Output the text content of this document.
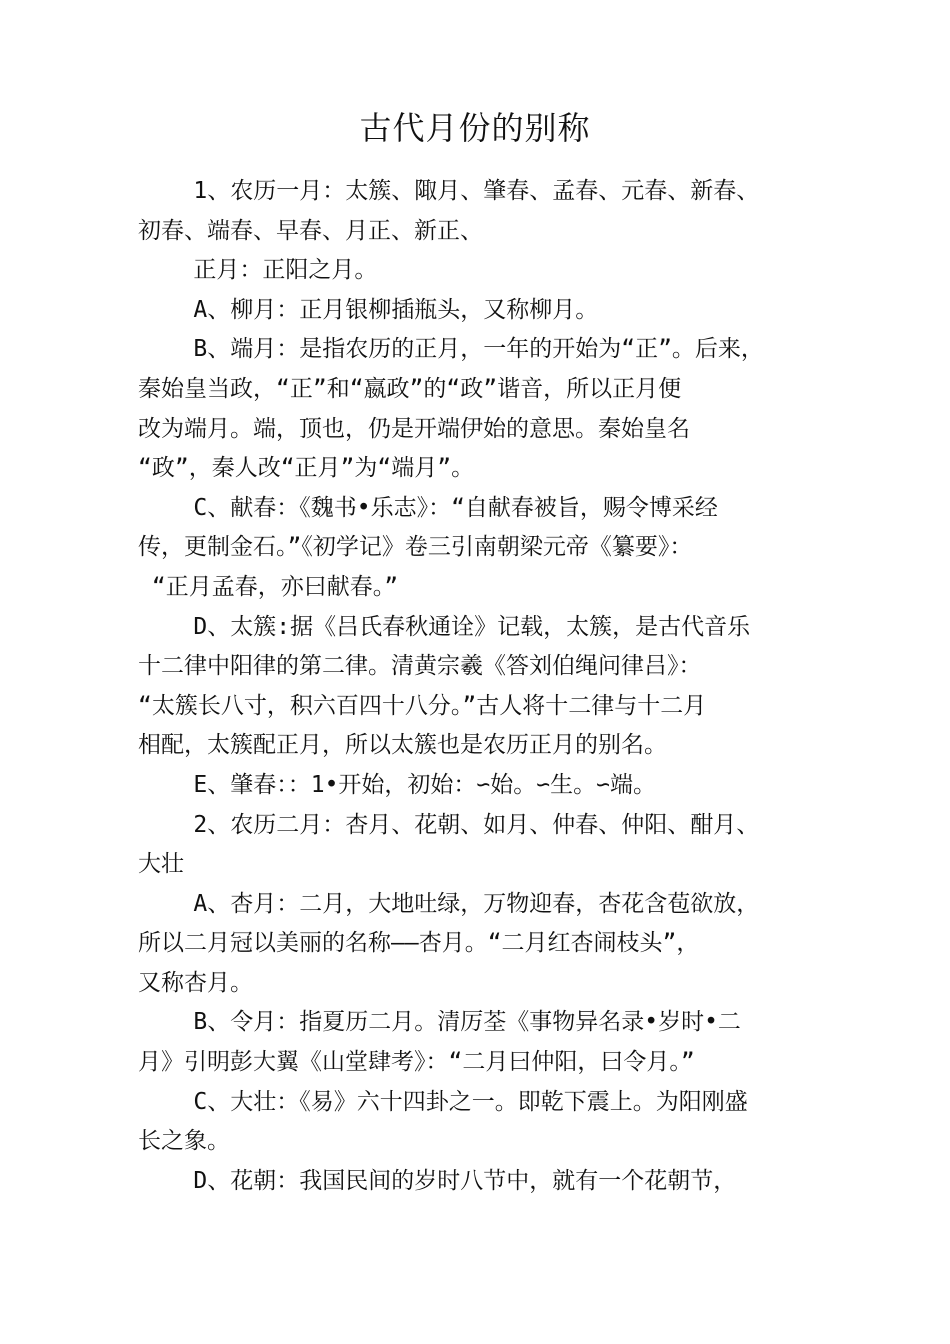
古代月份的别称
1、农历一月：太簇、陬月、肇春、孟春、元春、新春、
初春、端春、早春、月正、新正、
正月：正阳之月。
A、柳月：正月银柳插瓶头，又称柳月。
B、端月：是指农历的正月，一年的开始为“正”。后来，
秦始皇当政，“正”和“嬴政”的“政”谐音，所以正月便
改为端月。端，顶也，仍是开端伊始的意思。秦始皇名
“政”，秦人改“正月”为“端月”。
C、献春：《魏书•乐志》：“自献春被旨，赐令博采经
传，更制金石。”《初学记》卷三引南朝梁元帝《纂要》：
“正月孟春，亦曰献春。”
D、太簇:据《吕氏春秋通诠》记载，太簇，是古代音乐
十二律中阳律的第二律。清黄宗羲《答刘伯绳问律吕》：
“太簇长八寸，积六百四十八分。”古人将十二律与十二月
相配，太簇配正月，所以太簇也是农历正月的别名。
E、肇春：：1•开始，初始：∽始。∽生。∽端。
2、农历二月：杏月、花朝、如月、仲春、仲阳、酣月、
大壮
A、杏月：二月，大地吐绿，万物迎春，杏花含苞欲放，
所以二月冠以美丽的名称——杏月。“二月红杏闹枝头”，
又称杏月。
B、令月：指夏历二月。清厉荃《事物异名录•岁时•二
月》引明彭大翼《山堂肆考》：“二月曰仲阳，曰令月。”
C、大壮：《易》六十四卦之一。即乾下震上。为阳刚盛
长之象。
D、花朝：我国民间的岁时八节中，就有一个花朝节，
